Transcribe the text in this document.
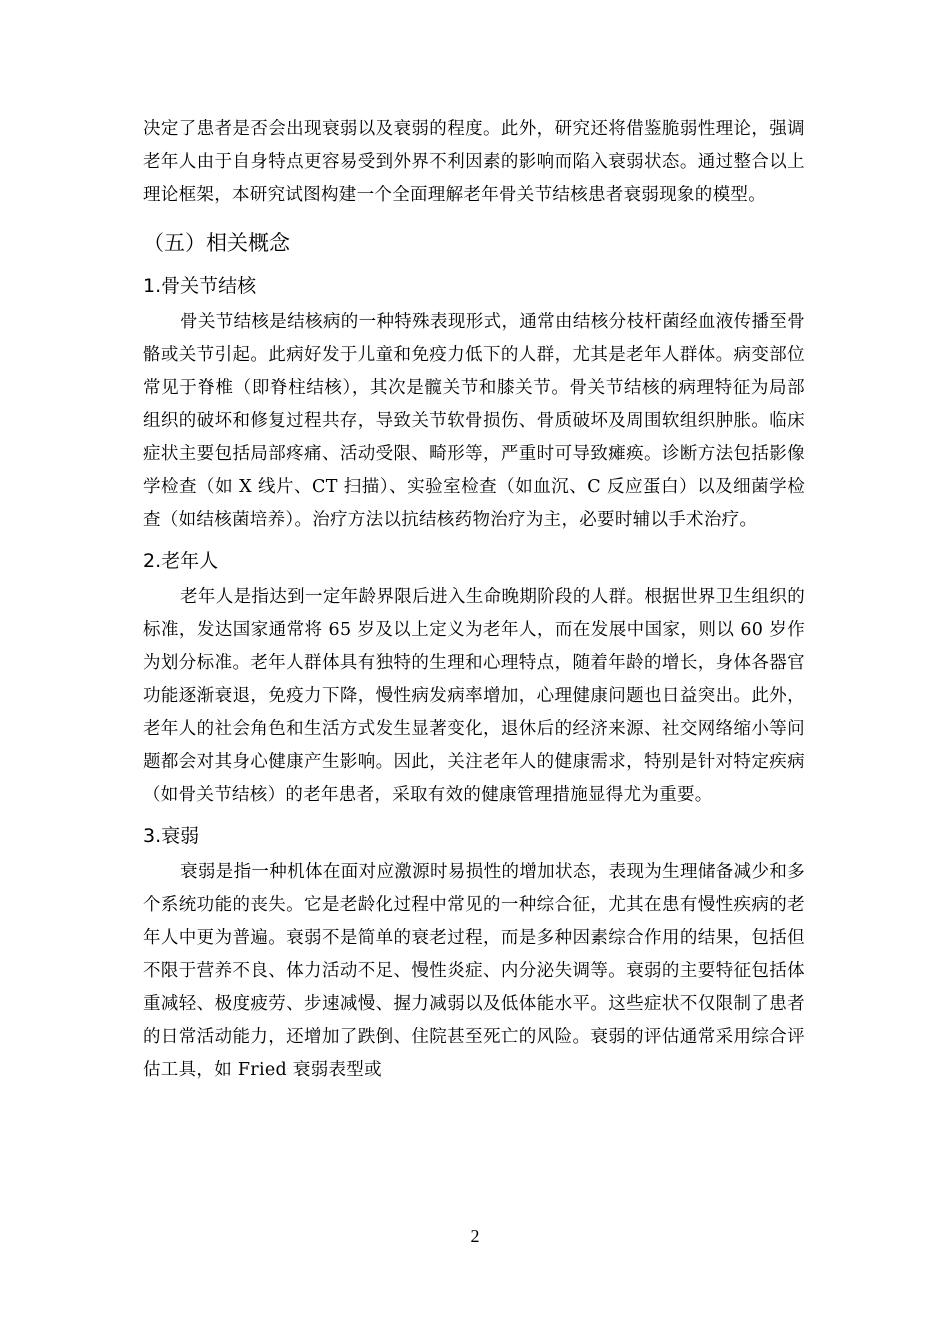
决定了患者是否会出现衰弱以及衰弱的程度。此外，研究还将借鉴脆弱性理论，强调老年人由于自身特点更容易受到外界不利因素的影响而陷入衰弱状态。通过整合以上理论框架，本研究试图构建一个全面理解老年骨关节结核患者衰弱现象的模型。

（五）相关概念
1.骨关节结核

骨关节结核是结核病的一种特殊表现形式，通常由结核分枝杆菌经血液传播至骨骼或关节引起。此病好发于儿童和免疫力低下的人群，尤其是老年人群体。病变部位常见于脊椎（即脊柱结核），其次是髋关节和膝关节。骨关节结核的病理特征为局部组织的破坏和修复过程共存，导致关节软骨损伤、骨质破坏及周围软组织肿胀。临床症状主要包括局部疼痛、活动受限、畸形等，严重时可导致瘫痪。诊断方法包括影像学检查（如 X 线片、CT 扫描）、实验室检查（如血沉、C 反应蛋白）以及细菌学检查（如结核菌培养）。治疗方法以抗结核药物治疗为主，必要时辅以手术治疗。

2.老年人

老年人是指达到一定年龄界限后进入生命晚期阶段的人群。根据世界卫生组织的标准，发达国家通常将 65 岁及以上定义为老年人，而在发展中国家，则以 60 岁作为划分标准。老年人群体具有独特的生理和心理特点，随着年龄的增长，身体各器官功能逐渐衰退，免疫力下降，慢性病发病率增加，心理健康问题也日益突出。此外，老年人的社会角色和生活方式发生显著变化，退休后的经济来源、社交网络缩小等问题都会对其身心健康产生影响。因此，关注老年人的健康需求，特别是针对特定疾病（如骨关节结核）的老年患者，采取有效的健康管理措施显得尤为重要。

3.衰弱

衰弱是指一种机体在面对应激源时易损性的增加状态，表现为生理储备减少和多个系统功能的丧失。它是老龄化过程中常见的一种综合征，尤其在患有慢性疾病的老年人中更为普遍。衰弱不是简单的衰老过程，而是多种因素综合作用的结果，包括但不限于营养不良、体力活动不足、慢性炎症、内分泌失调等。衰弱的主要特征包括体重减轻、极度疲劳、步速减慢、握力减弱以及低体能水平。这些症状不仅限制了患者的日常活动能力，还增加了跌倒、住院甚至死亡的风险。衰弱的评估通常采用综合评估工具，如 Fried 衰弱表型或

2
